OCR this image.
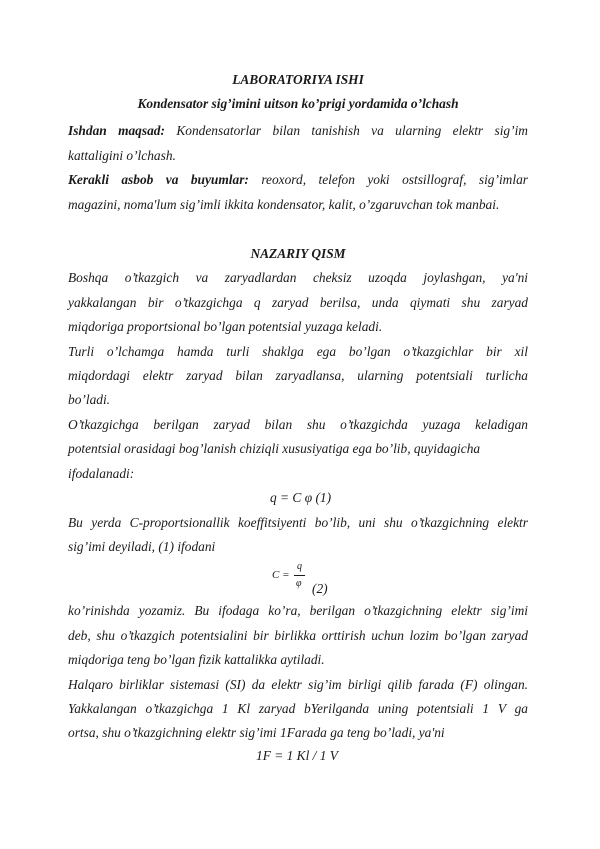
LABORATORIYA ISHI
Kondensator sig’imini uitson ko’prigi yordamida o’lchash
Ishdan maqsad: Kondensatorlar bilan tanishish va ularning elektr sig’im
kattaligini o’lchash.
Kerakli asbob va buyumlar: reoxord, telefon yoki ostsillograf, sig’imlar
magazini, noma'lum sig’imli ikkita kondensator, kalit, o’zgaruvchan tok manbai.
NAZARIY QISM
Boshqa o’tkazgich va zaryadlardan cheksiz uzoqda joylashgan, ya'ni
yakkalangan bir o’tkazgichga q zaryad berilsa, unda qiymati shu zaryad
miqdoriga proportsional bo’lgan potentsial yuzaga keladi.
Turli o’lchamga hamda turli shaklga ega bo’lgan o’tkazgichlar bir xil
miqdordagi elektr zaryad bilan zaryadlansa, ularning potentsiali turlicha
bo’ladi.
O’tkazgichga berilgan zaryad bilan shu o’tkazgichda yuzaga keladigan
potentsial orasidagi bog’lanish chiziqli xususiyatiga ega bo’lib, quyidagicha
ifodalanadi:
q = C φ (1)
Bu yerda C-proportsionallik koeffitsiyenti bo’lib, uni shu o’tkazgichning elektr
sig’imi deyiladi, (1) ifodani
C =
q
φ (2)
ko’rinishda yozamiz. Bu ifodaga ko’ra, berilgan o’tkazgichning elektr sig’imi
deb, shu o’tkazgich potentsialini bir birlikka orttirish uchun lozim bo’lgan zaryad
miqdoriga teng bo’lgan fizik kattalikka aytiladi.
Halqaro birliklar sistemasi (SI) da elektr sig’im birligi qilib farada (F) olingan.
Yakkalangan o’tkazgichga 1 Kl zaryad bYerilganda uning potentsiali 1 V ga
ortsa, shu o’tkazgichning elektr sig’imi 1Farada ga teng bo’ladi, ya'ni
1F = 1 Kl / 1 V
